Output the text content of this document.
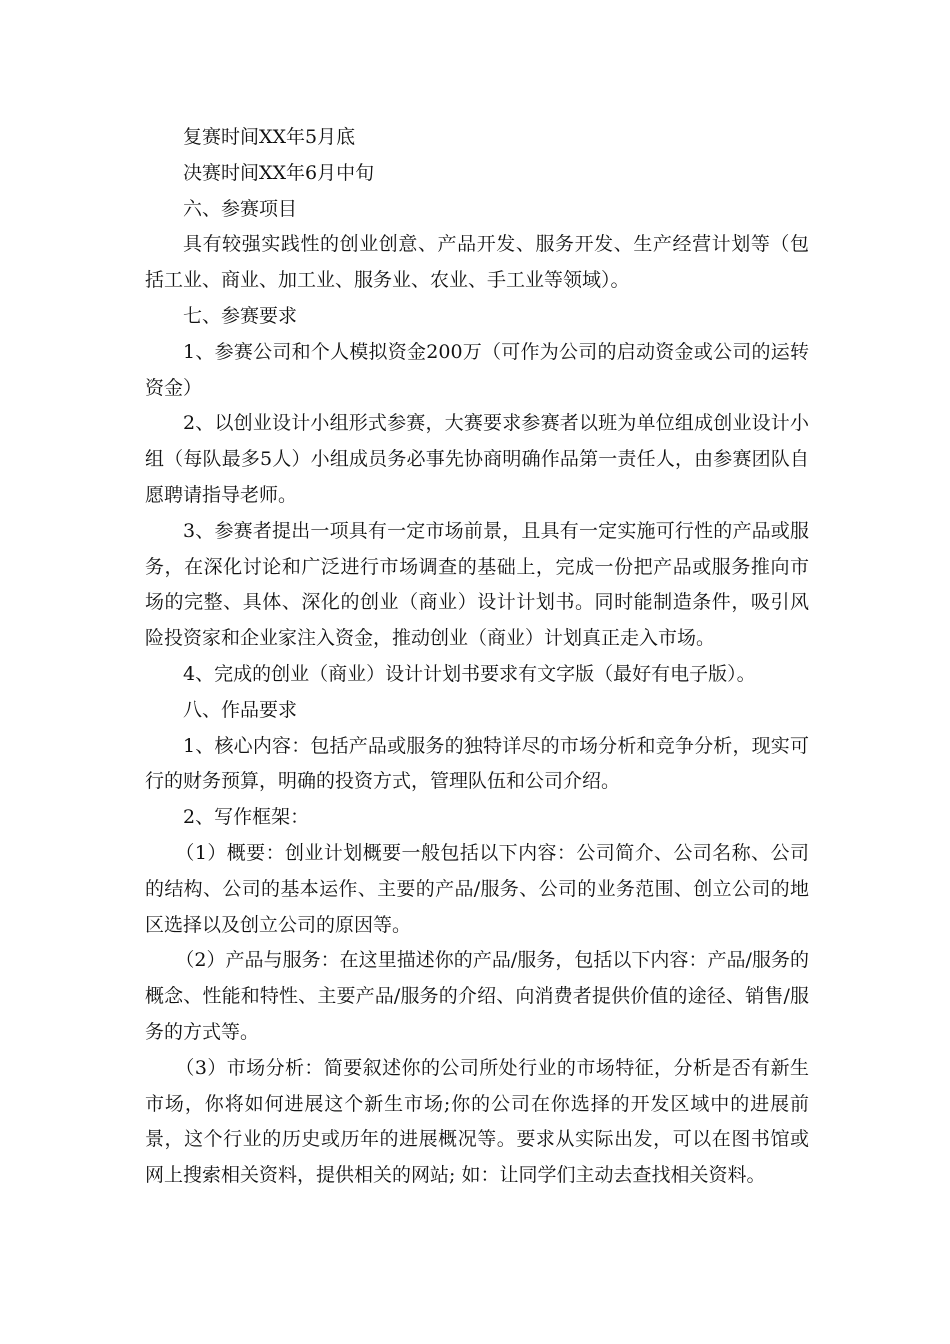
复赛时间XX年5月底

决赛时间XX年6月中旬

六、参赛项目

具有较强实践性的创业创意、产品开发、服务开发、生产经营计划等（包括工业、商业、加工业、服务业、农业、手工业等领域）。

七、参赛要求

1、参赛公司和个人模拟资金200万（可作为公司的启动资金或公司的运转资金）

2、以创业设计小组形式参赛，大赛要求参赛者以班为单位组成创业设计小组（每队最多5人）小组成员务必事先协商明确作品第一责任人，由参赛团队自愿聘请指导老师。

3、参赛者提出一项具有一定市场前景，且具有一定实施可行性的产品或服务，在深化讨论和广泛进行市场调查的基础上，完成一份把产品或服务推向市场的完整、具体、深化的创业（商业）设计计划书。同时能制造条件，吸引风险投资家和企业家注入资金，推动创业（商业）计划真正走入市场。

4、完成的创业（商业）设计计划书要求有文字版（最好有电子版）。

八、作品要求

1、核心内容：包括产品或服务的独特详尽的市场分析和竞争分析，现实可行的财务预算，明确的投资方式，管理队伍和公司介绍。

2、写作框架：

（1）概要：创业计划概要一般包括以下内容：公司简介、公司名称、公司的结构、公司的基本运作、主要的产品/服务、公司的业务范围、创立公司的地区选择以及创立公司的原因等。

（2）产品与服务：在这里描述你的产品/服务，包括以下内容：产品/服务的概念、性能和特性、主要产品/服务的介绍、向消费者提供价值的途径、销售/服务的方式等。

（3）市场分析：简要叙述你的公司所处行业的市场特征，分析是否有新生市场，你将如何进展这个新生市场;你的公司在你选择的开发区域中的进展前景，这个行业的历史或历年的进展概况等。要求从实际出发，可以在图书馆或网上搜索相关资料，提供相关的网站; 如：让同学们主动去查找相关资料。
